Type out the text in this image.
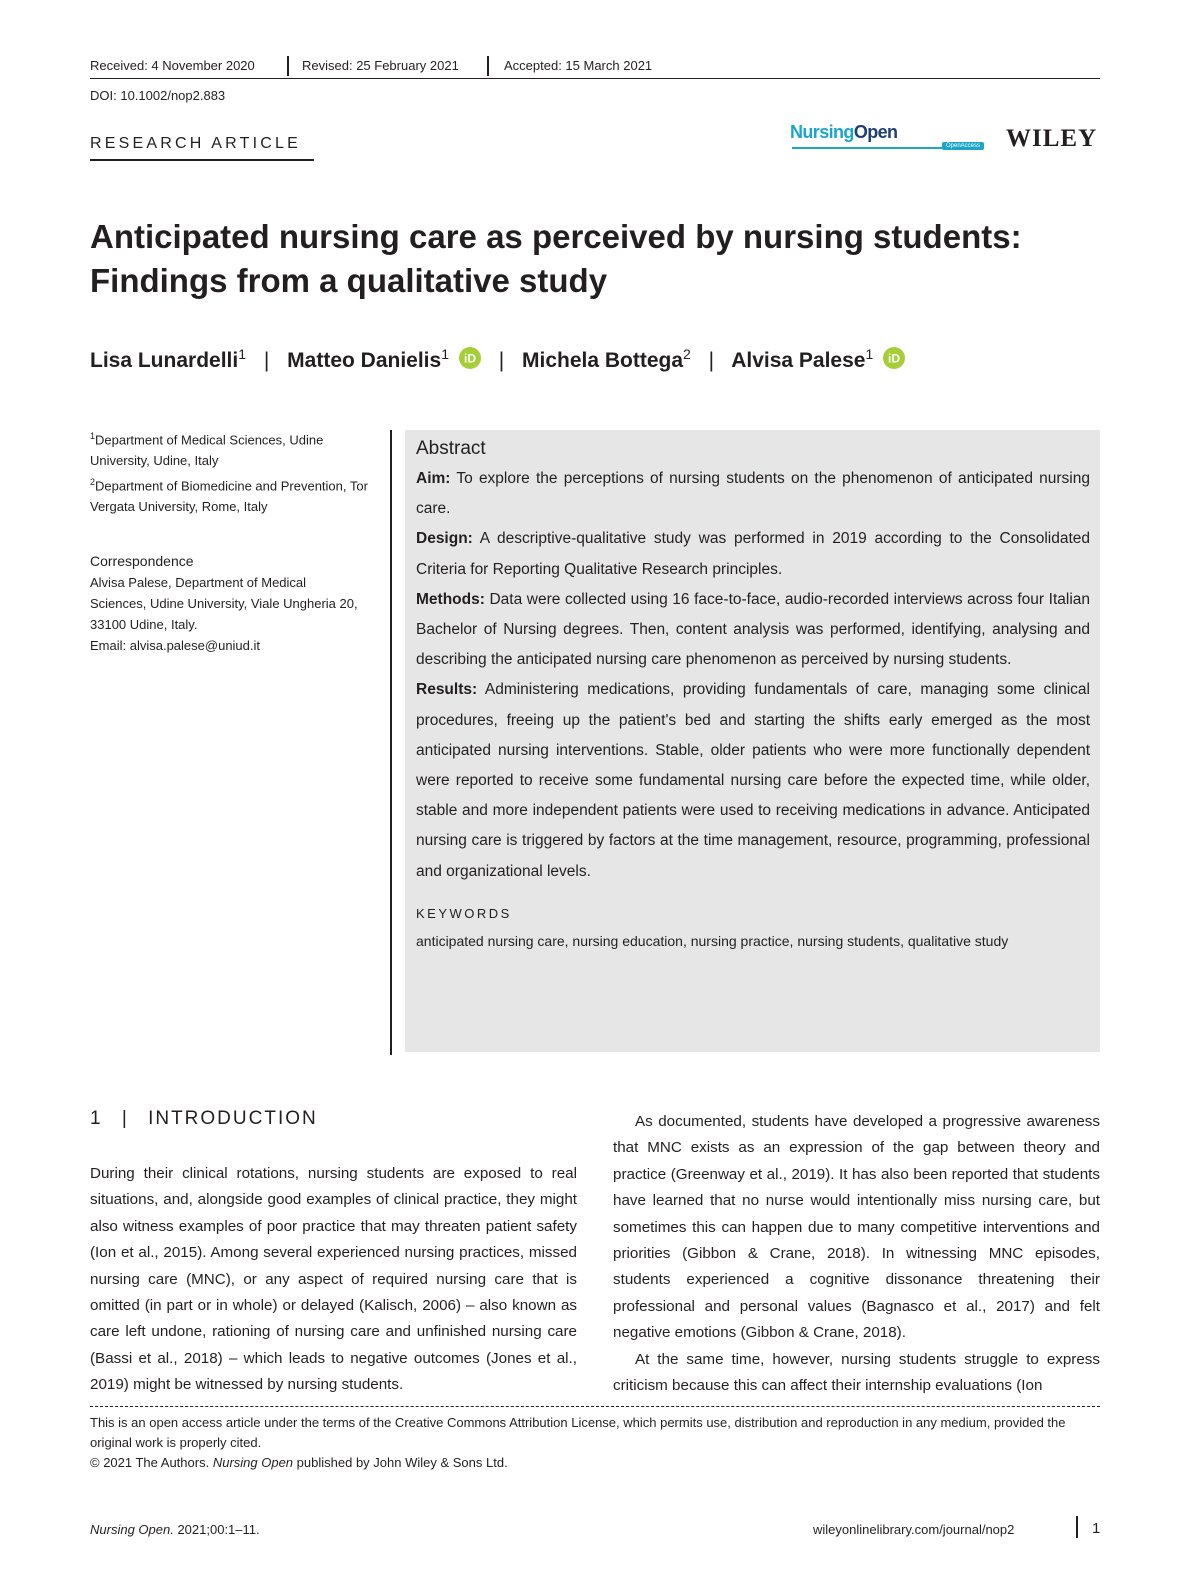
Received: 4 November 2020	Revised: 25 February 2021	Accepted: 15 March 2021
DOI: 10.1002/nop2.883
RESEARCH ARTICLE
NursingOpen
OpenAccess WILEY
Anticipated nursing care as perceived by nursing students: Findings from a qualitative study
Lisa Lunardelli$^1$ | Matteo Danielis$^1$ iD | Michela Bottega$^2$ | Alvisa Palese$^1$ iD
$^1$Department of Medical Sciences, Udine University, Udine, Italy
$^2$Department of Biomedicine and Prevention, Tor Vergata University, Rome, Italy
Correspondence
Alvisa Palese, Department of Medical Sciences, Udine University, Viale Ungheria 20, 33100 Udine, Italy.
Email: alvisa.palese@uniud.it
Abstract

Aim: To explore the perceptions of nursing students on the phenomenon of anticipated nursing care.

Design: A descriptive-qualitative study was performed in 2019 according to the Consolidated Criteria for Reporting Qualitative Research principles.

Methods: Data were collected using 16 face-to-face, audio-recorded interviews across four Italian Bachelor of Nursing degrees. Then, content analysis was performed, identifying, analysing and describing the anticipated nursing care phenomenon as perceived by nursing students.

Results: Administering medications, providing fundamentals of care, managing some clinical procedures, freeing up the patient's bed and starting the shifts early emerged as the most anticipated nursing interventions. Stable, older patients who were more functionally dependent were reported to receive some fundamental nursing care before the expected time, while older, stable and more independent patients were used to receiving medications in advance. Anticipated nursing care is triggered by factors at the time management, resource, programming, professional and organizational levels.

KEYWORDS
anticipated nursing care, nursing education, nursing practice, nursing students, qualitative study
1 | INTRODUCTION

During their clinical rotations, nursing students are exposed to real situations, and, alongside good examples of clinical practice, they might also witness examples of poor practice that may threaten patient safety (Ion et al., 2015). Among several experienced nursing practices, missed nursing care (MNC), or any aspect of required nursing care that is omitted (in part or in whole) or delayed (Kalisch, 2006) – also known as care left undone, rationing of nursing care and unfinished nursing care (Bassi et al., 2018) – which leads to negative outcomes (Jones et al., 2019) might be witnessed by nursing students.

As documented, students have developed a progressive awareness that MNC exists as an expression of the gap between theory and practice (Greenway et al., 2019). It has also been reported that students have learned that no nurse would intentionally miss nursing care, but sometimes this can happen due to many competitive interventions and priorities (Gibbon & Crane, 2018). In witnessing MNC episodes, students experienced a cognitive dissonance threatening their professional and personal values (Bagnasco et al., 2017) and felt negative emotions (Gibbon & Crane, 2018).

At the same time, however, nursing students struggle to express criticism because this can affect their internship evaluations (Ion

This is an open access article under the terms of the Creative Commons Attribution License, which permits use, distribution and reproduction in any medium, provided the original work is properly cited.
© 2021 The Authors. Nursing Open published by John Wiley & Sons Ltd.
Nursing Open. 2021;00:1–11.	wileyonlinelibrary.com/journal/nop2	1
